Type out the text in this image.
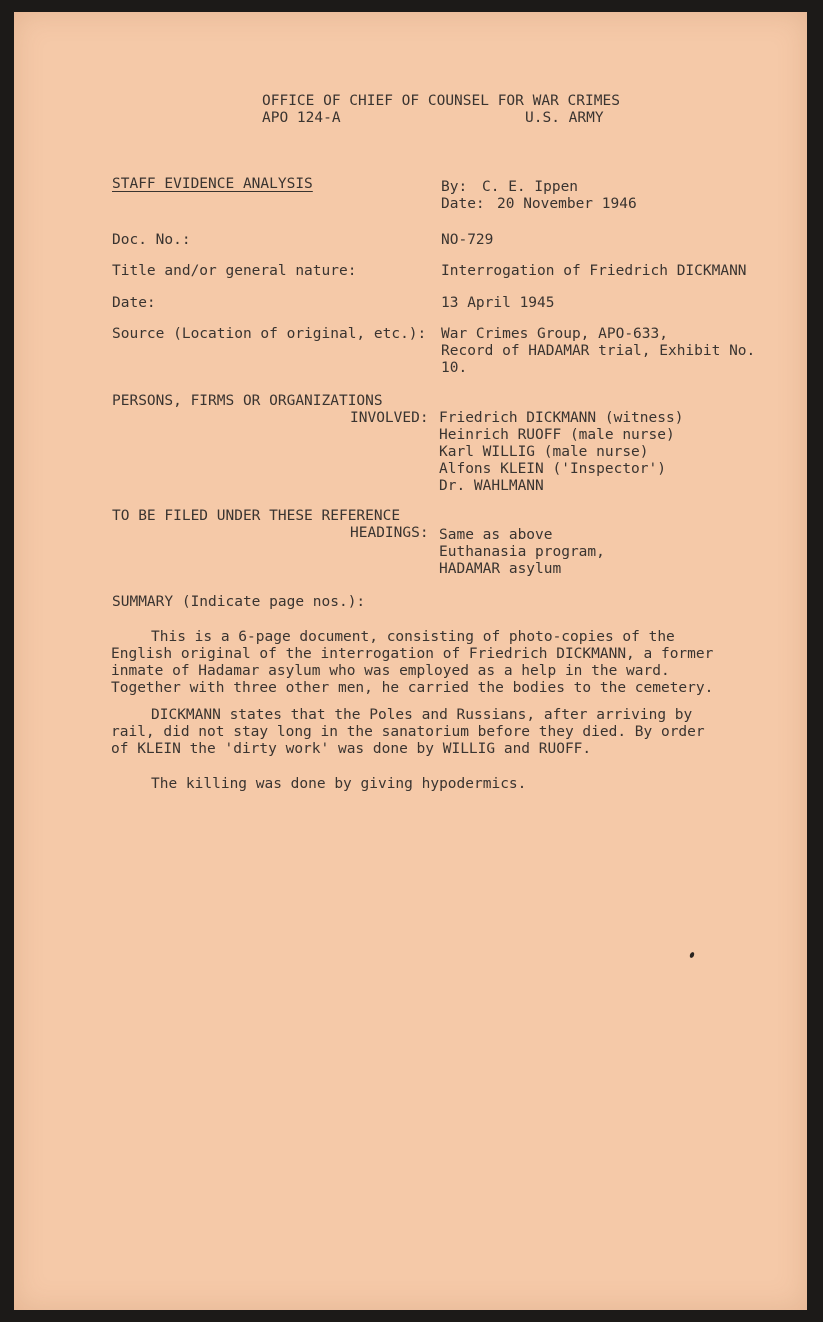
OFFICE OF CHIEF OF COUNSEL FOR WAR CRIMES
APO 124-A	U.S. ARMY
STAFF EVIDENCE ANALYSIS	By: C. E. Ippen
Date: 20 November 1946
Doc. No.:	NO-729
Title and/or general nature:	Interrogation of Friedrich DICKMANN
Date:	13 April 1945
Source (Location of original, etc.): War Crimes Group, APO-633,
Record of HADAMAR trial, Exhibit No.
10.
PERSONS, FIRMS OR ORGANIZATIONS
INVOLVED: Friedrich DICKMANN (witness)
Heinrich RUOFF (male nurse)
Karl WILLIG (male nurse)
Alfons KLEIN ('Inspector')
Dr. WAHLMANN
TO BE FILED UNDER THESE REFERENCE
HEADINGS: Same as above
Euthanasia program,
HADAMAR asylum
SUMMARY (Indicate page nos.):
This is a 6-page document, consisting of photo-copies of the English original of the interrogation of Friedrich DICKMANN, a former inmate of Hadamar asylum who was employed as a help in the ward. Together with three other men, he carried the bodies to the cemetery.
DICKMANN states that the Poles and Russians, after arriving by rail, did not stay long in the sanatorium before they died. By order of KLEIN the 'dirty work' was done by WILLIG and RUOFF.
The killing was done by giving hypodermics.
